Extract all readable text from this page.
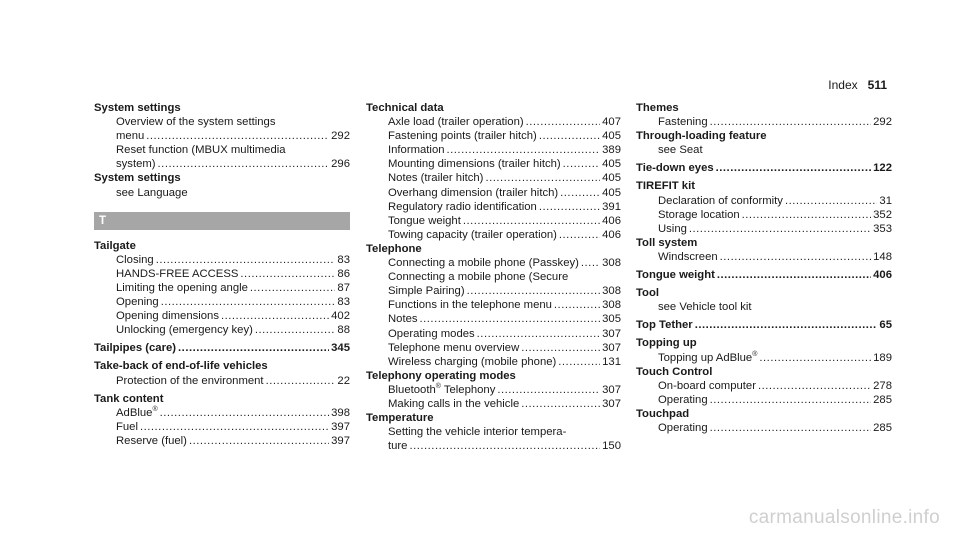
Index 511
System settings
Overview of the system settings
menu .....	292
Reset function (MBUX multimedia
system) .....	296
System settings
see Language
T
Tailgate
Closing .....	83
HANDS-FREE ACCESS .....	86
Limiting the opening angle .....	87
Opening .....	83
Opening dimensions .....	402
Unlocking (emergency key) .....	88
Tailpipes (care) .....	345
Take-back of end-of-life vehicles
Protection of the environment .....	22
Tank content
AdBlue® .....	398
Fuel .....	397
Reserve (fuel) .....	397
Technical data
Axle load (trailer operation) .....	407
Fastening points (trailer hitch) .....	405
Information .....	389
Mounting dimensions (trailer hitch) .....	405
Notes (trailer hitch) .....	405
Overhang dimension (trailer hitch) .....	405
Regulatory radio identification .....	391
Tongue weight .....	406
Towing capacity (trailer operation) .....	406
Telephone
Connecting a mobile phone (Passkey) ..... 308
Connecting a mobile phone (Secure
Simple Pairing) .....	308
Functions in the telephone menu .....	308
Notes .....	305
Operating modes .....	307
Telephone menu overview .....	307
Wireless charging (mobile phone) .....	131
Telephony operating modes
Bluetooth® Telephony .....	307
Making calls in the vehicle .....	307
Temperature
Setting the vehicle interior tempera-
ture .....	150
Themes
Fastening .....	292
Through-loading feature
see Seat
Tie-down eyes .....	122
TIREFIT kit
Declaration of conformity .....	31
Storage location .....	352
Using .....	353
Toll system
Windscreen .....	148
Tongue weight .....	406
Tool
see Vehicle tool kit
Top Tether .....	65
Topping up
Topping up AdBlue® .....	189
Touch Control
On-board computer .....	278
Operating .....	285
Touchpad
Operating .....	285
carmanualsonline.info
